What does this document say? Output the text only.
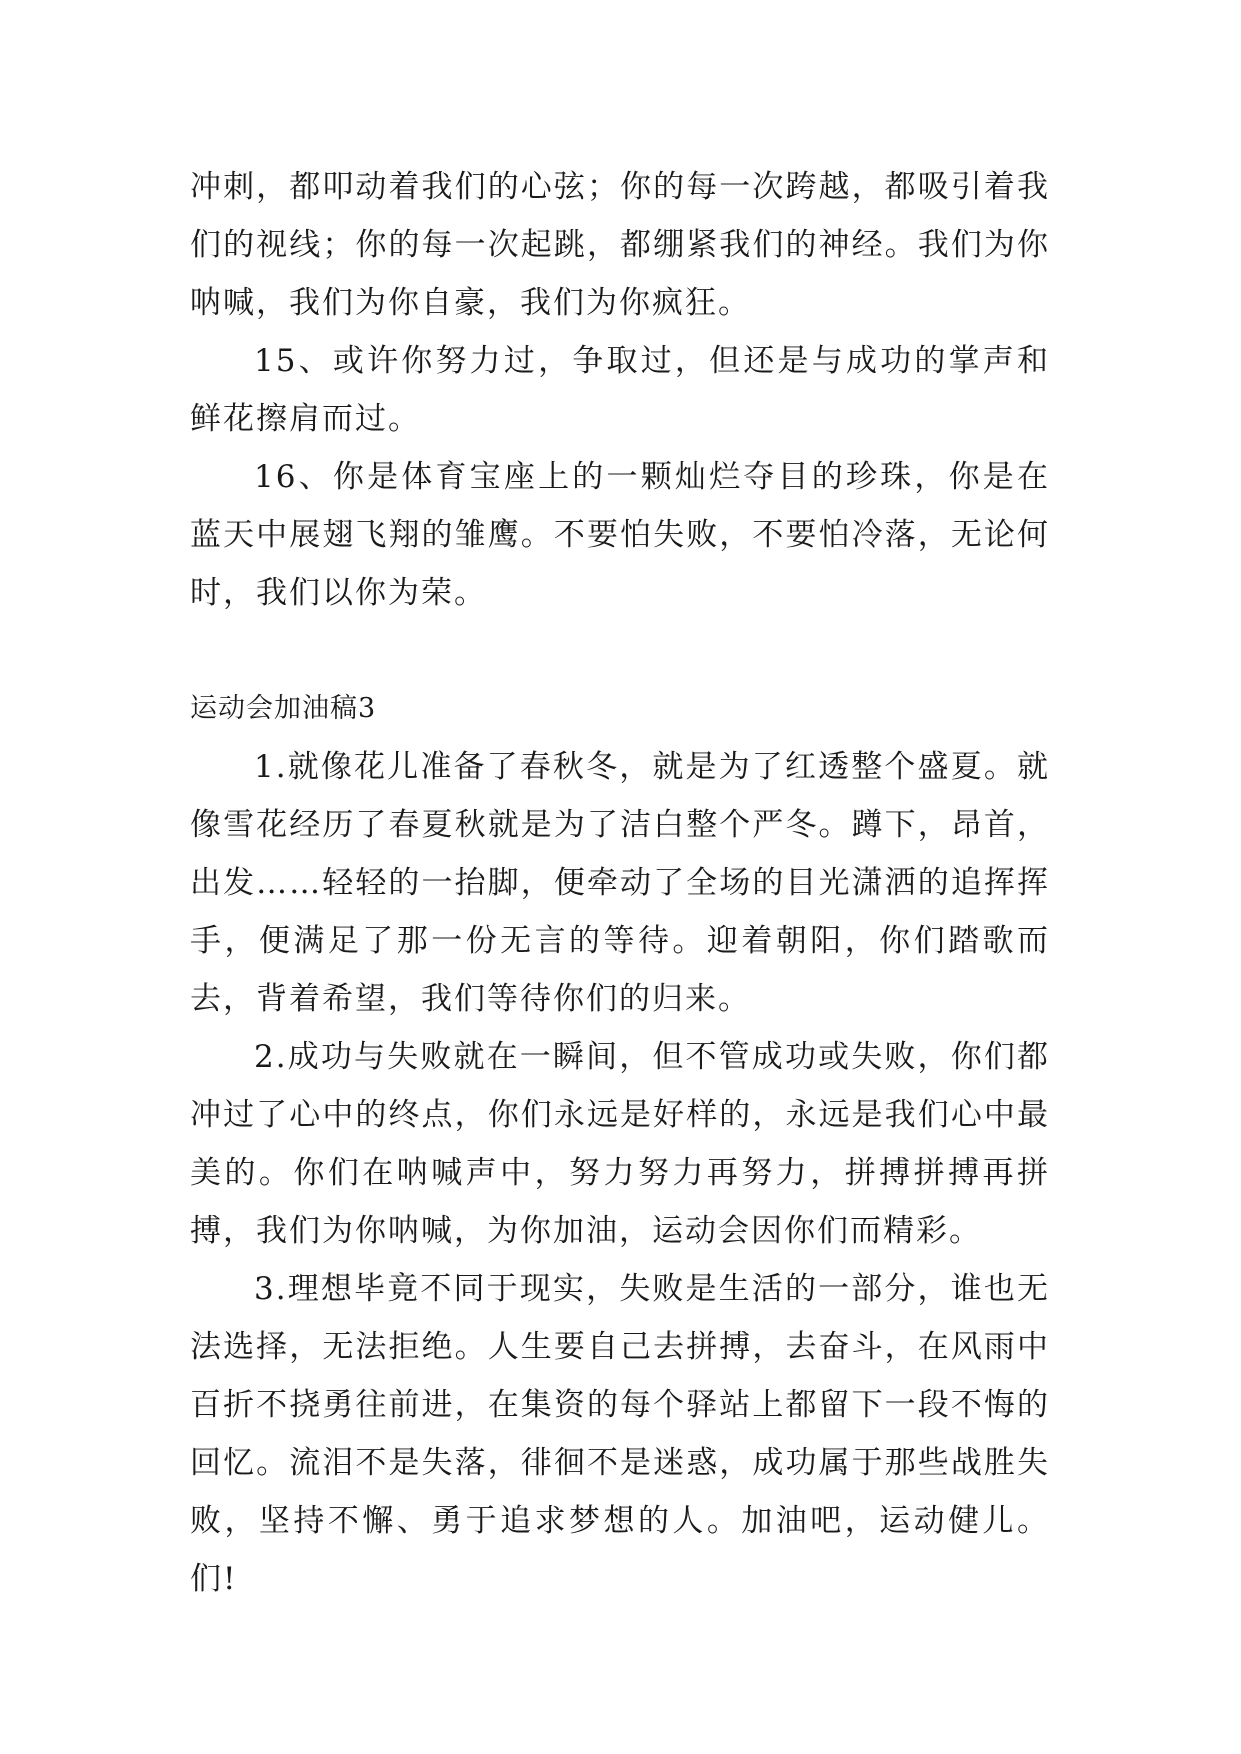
冲刺，都叩动着我们的心弦；你的每一次跨越，都吸引着我们的视线；你的每一次起跳，都绷紧我们的神经。我们为你呐喊，我们为你自豪，我们为你疯狂。

15、或许你努力过，争取过，但还是与成功的掌声和鲜花擦肩而过。

16、你是体育宝座上的一颗灿烂夺目的珍珠，你是在蓝天中展翅飞翔的雏鹰。不要怕失败，不要怕冷落，无论何时，我们以你为荣。

运动会加油稿3

1.就像花儿准备了春秋冬，就是为了红透整个盛夏。就像雪花经历了春夏秋就是为了洁白整个严冬。蹲下，昂首，出发……轻轻的一抬脚，便牵动了全场的目光潇洒的追挥挥手，便满足了那一份无言的等待。迎着朝阳，你们踏歌而去，背着希望，我们等待你们的归来。

2.成功与失败就在一瞬间，但不管成功或失败，你们都冲过了心中的终点，你们永远是好样的，永远是我们心中最美的。你们在呐喊声中，努力努力再努力，拼搏拼搏再拼搏，我们为你呐喊，为你加油，运动会因你们而精彩。

3.理想毕竟不同于现实，失败是生活的一部分，谁也无法选择，无法拒绝。人生要自己去拼搏，去奋斗，在风雨中百折不挠勇往前进，在集资的每个驿站上都留下一段不悔的回忆。流泪不是失落，徘徊不是迷惑，成功属于那些战胜失败，坚持不懈、勇于追求梦想的人。加油吧，运动健儿。们!
